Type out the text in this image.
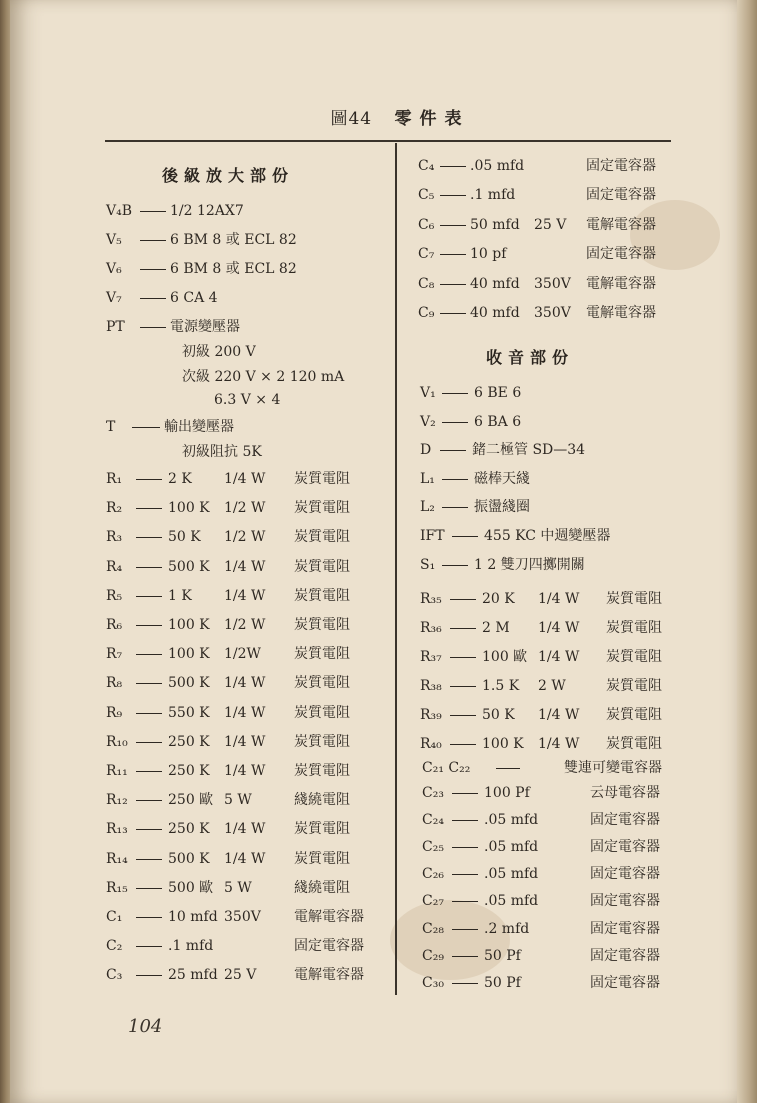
圖44 零件表
後級放大部份
V₄B	1/2 12AX7
V₅	6 BM 8 或 ECL 82
V₆	6 BM 8 或 ECL 82
V₇	6 CA 4
PT	電源變壓器
初級 200 V
次級 220 V × 2 120 mA
6.3 V × 4
T	輸出變壓器
初級阻抗 5K
R₁	2 K 1/4 W 炭質電阻
R₂	100 K 1/2 W 炭質電阻
R₃	50 K 1/2 W 炭質電阻
R₄	500 K 1/4 W 炭質電阻
R₅	1 K 1/4 W 炭質電阻
R₆	100 K 1/2 W 炭質電阻
R₇	100 K 1/2W 炭質電阻
R₈	500 K 1/4 W 炭質電阻
R₉	550 K 1/4 W 炭質電阻
R₁₀	250 K 1/4 W 炭質電阻
R₁₁	250 K 1/4 W 炭質電阻
R₁₂	250 歐 5 W	綫繞電阻
R₁₃	250 K 1/4 W 炭質電阻
R₁₄	500 K 1/4 W 炭質電阻
R₁₅	500 歐 5 W	綫繞電阻
C₁	10 mfd 350V 電解電容器
C₂	.1 mfd	固定電容器
C₃	25 mfd 25 V	電解電容器
C₄	.05 mfd	固定電容器
C₅	.1 mfd	固定電容器
C₆	50 mfd 25 V 電解電容器
C₇	10 pf	固定電容器
C₈	40 mfd 350V 電解電容器
C₉	40 mfd 350V 電解電容器
收音部份
V₁	6 BE 6
V₂	6 BA 6
D	鍺二極管 SD—34
L₁	磁棒天綫
L₂	振盪綫圈
IFT	455 KC 中週變壓器
S₁	1 2 雙刀四擲開關
R₃₅	20 K 1/4 W 炭質電阻
R₃₆	2 M 1/4 W 炭質電阻
R₃₇	100 歐 1/4 W 炭質電阻
R₃₈	1.5 K 2 W	炭質電阻
R₃₉	50 K 1/4 W 炭質電阻
R₄₀	100 K 1/4 W 炭質電阻
C₂₁ C₂₂	雙連可變電容器
C₂₃	100 Pf	云母電容器
C₂₄	.05 mfd	固定電容器
C₂₅	.05 mfd	固定電容器
C₂₆	.05 mfd	固定電容器
C₂₇	.05 mfd	固定電容器
C₂₈	.2 mfd	固定電容器
C₂₉	50 Pf	固定電容器
C₃₀	50 Pf	固定電容器
104
